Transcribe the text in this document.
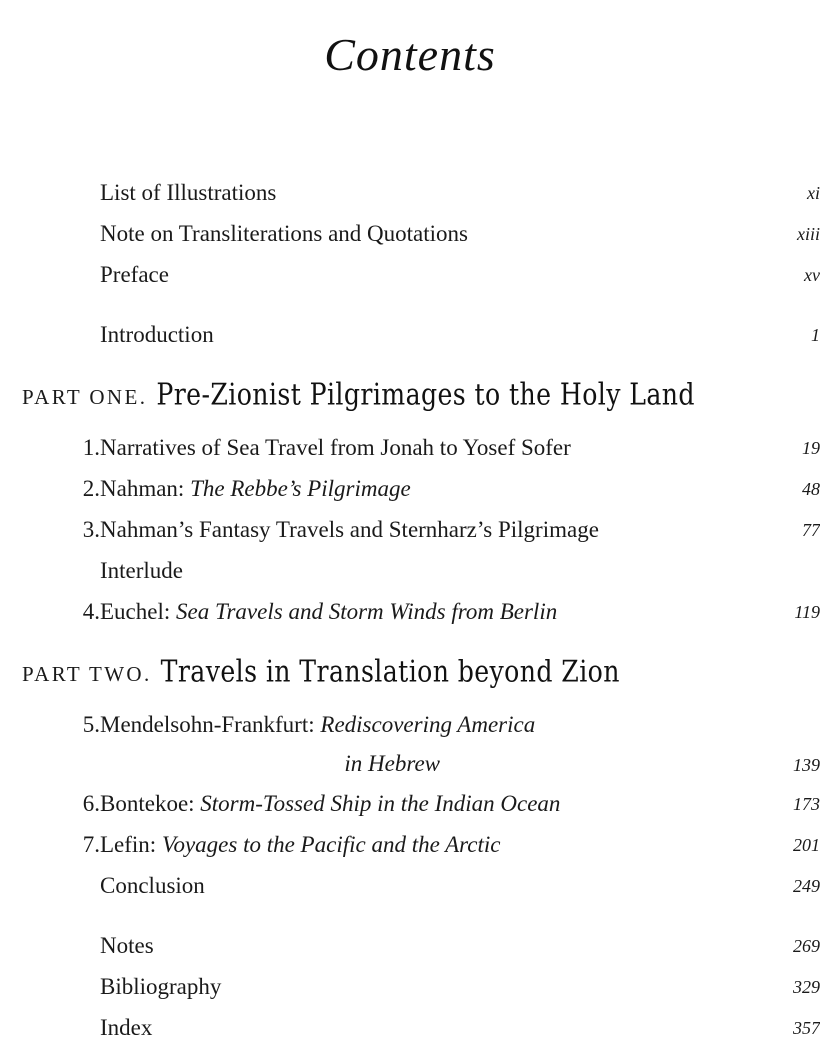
Contents
List of Illustrations	xi
Note on Transliterations and Quotations	xiii
Preface	xv
Introduction	1
PART ONE. Pre-Zionist Pilgrimages to the Holy Land
1. Narratives of Sea Travel from Jonah to Yosef Sofer	19
2. Nahman: The Rebbe’s Pilgrimage	48
3. Nahman’s Fantasy Travels and Sternharz’s Pilgrimage	77
Interlude
4. Euchel: Sea Travels and Storm Winds from Berlin	119
PART TWO. Travels in Translation beyond Zion
5. Mendelsohn-Frankfurt: Rediscovering America
in Hebrew	139
6. Bontekoe: Storm-Tossed Ship in the Indian Ocean	173
7. Lefin: Voyages to the Pacific and the Arctic	201
Conclusion	249
Notes	269
Bibliography	329
Index	357
